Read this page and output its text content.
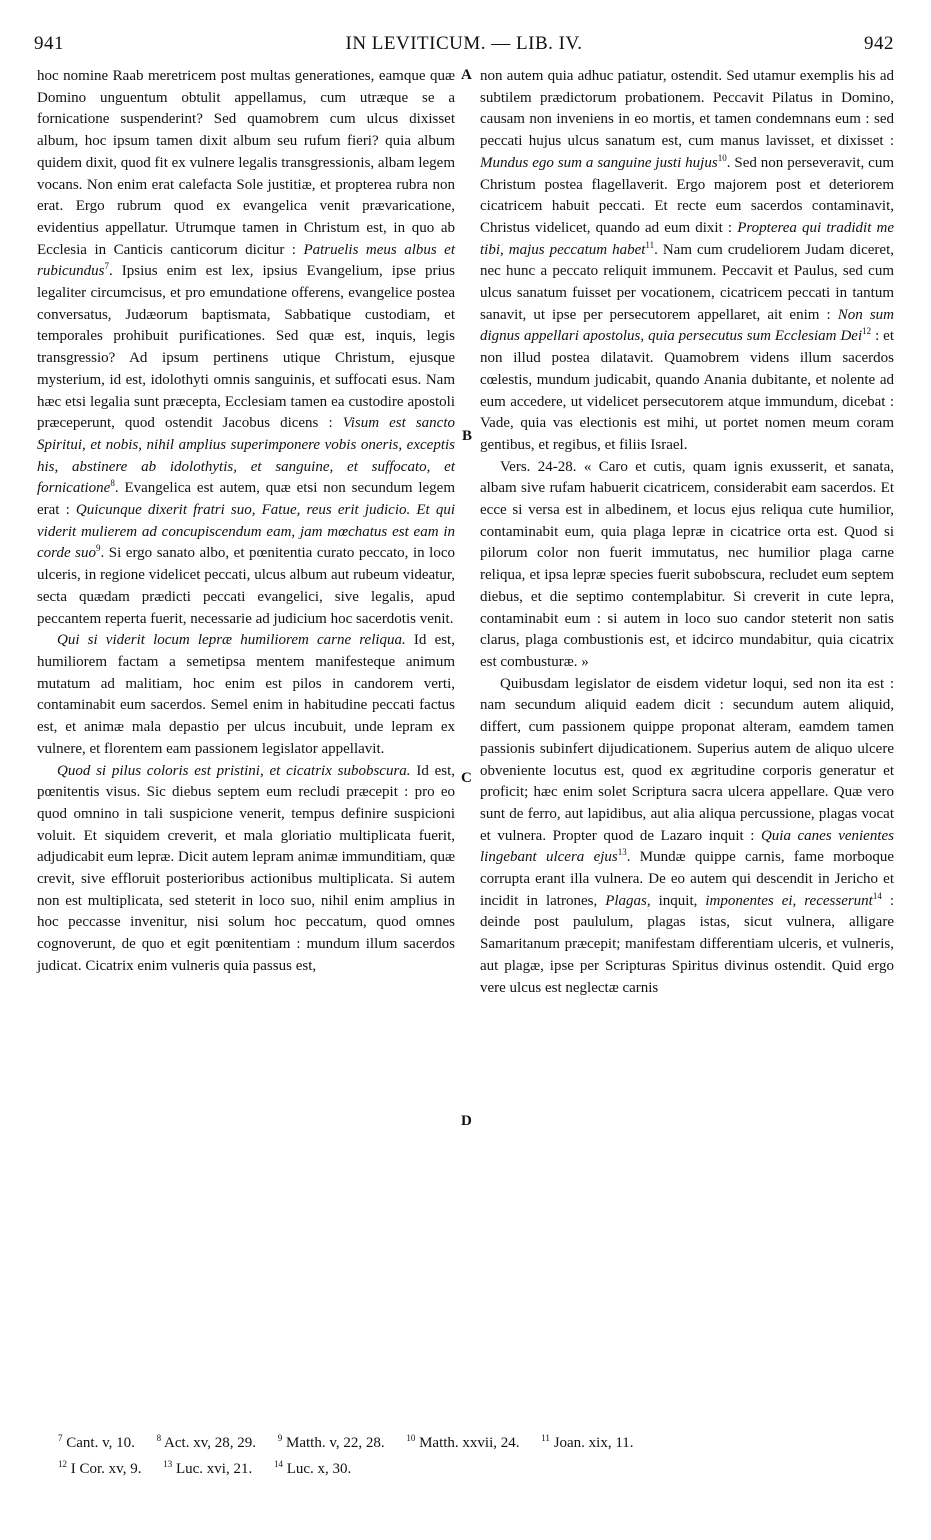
941	IN LEVITICUM. — LIB. IV.	942
A
B
C
D

hoc nomine Raab meretricem post multas generationes, eamque quæ Domino unguentum obtulit appellamus, cum utræque se a fornicatione suspenderint? Sed quamobrem cum ulcus dixisset album, hoc ipsum tamen dixit album seu rufum fieri? quia album quidem dixit, quod fit ex vulnere legalis transgressionis, albam legem vocans. Non enim erat calefacta Sole justitiæ, et propterea rubra non erat. Ergo rubrum quod ex evangelica venit prævaricatione, evidentius appellatur. Utrumque tamen in Christum est, in quo ab Ecclesia in Canticis canticorum dicitur : Patruelis meus albus et rubicundus$^7$. Ipsius enim est lex, ipsius Evangelium, ipse prius legaliter circumcisus, et pro emundatione offerens, evangelice postea conversatus, Judæorum baptismata, Sabbatique custodiam, et temporales prohibuit purificationes. Sed quæ est, inquis, legis transgressio? Ad ipsum pertinens utique Christum, ejusque mysterium, id est, idolothyti omnis sanguinis, et suffocati esus. Nam hæc etsi legalia sunt præcepta, Ecclesiam tamen ea custodire apostoli præceperunt, quod ostendit Jacobus dicens : Visum est sancto Spiritui, et nobis, nihil amplius superimponere vobis oneris, exceptis his, abstinere ab idolothytis, et sanguine, et suffocato, et fornicatione$^8$. Evangelica est autem, quæ etsi non secundum legem erat : Quicunque dixerit fratri suo, Fatue, reus erit judicio. Et qui viderit mulierem ad concupiscendum eam, jam mœchatus est eam in corde suo$^9$. Si ergo sanato albo, et pœnitentia curato peccato, in loco ulceris, in regione videlicet peccati, ulcus album aut rubeum videatur, secta quædam prædicti peccati evangelici, sive legalis, apud peccantem reperta fuerit, necessarie ad judicium hoc sacerdotis venit.

Qui si viderit locum lepræ humiliorem carne reliqua. Id est, humiliorem factam a semetipsa mentem manifesteque animum mutatum ad malitiam, hoc enim est pilos in candorem verti, contaminabit eum sacerdos. Semel enim in habitudine peccati factus est, et animæ mala depastio per ulcus incubuit, unde lepram ex vulnere, et florentem eam passionem legislator appellavit.

Quod si pilus coloris est pristini, et cicatrix subobscura. Id est, pœnitentis visus. Sic diebus septem eum recludi præcepit : pro eo quod omnino in tali suspicione venerit, tempus definire suspicioni voluit. Et siquidem creverit, et mala gloriatio multiplicata fuerit, adjudicabit eum lepræ. Dicit autem lepram animæ immunditiam, quæ crevit, sive effloruit posterioribus actionibus multiplicata. Si autem non est multiplicata, sed steterit in loco suo, nihil enim amplius in hoc peccasse invenitur, nisi solum hoc peccatum, quod omnes cognoverunt, de quo et egit pœnitentiam : mundum illum sacerdos judicat. Cicatrix enim vulneris quia passus est,

non autem quia adhuc patiatur, ostendit. Sed utamur exemplis his ad subtilem prædictorum probationem. Peccavit Pilatus in Domino, causam non inveniens in eo mortis, et tamen condemnans eum : sed peccati hujus ulcus sanatum est, cum manus lavisset, et dixisset : Mundus ego sum a sanguine justi hujus$^{10}$. Sed non perseveravit, cum Christum postea flagellaverit. Ergo majorem post et deteriorem cicatricem habuit peccati. Et recte eum sacerdos contaminavit, Christus videlicet, quando ad eum dixit : Propterea qui tradidit me tibi, majus peccatum habet$^{11}$. Nam cum crudeliorem Judam diceret, nec hunc a peccato reliquit immunem. Peccavit et Paulus, sed cum ulcus sanatum fuisset per vocationem, cicatricem peccati in tantum sanavit, ut ipse per persecutorem appellaret, ait enim : Non sum dignus appellari apostolus, quia persecutus sum Ecclesiam Dei$^{12}$ : et non illud postea dilatavit. Quamobrem videns illum sacerdos cœlestis, mundum judicabit, quando Anania dubitante, et nolente ad eum accedere, ut videlicet persecutorem atque immundum, dicebat : Vade, quia vas electionis est mihi, ut portet nomen meum coram gentibus, et regibus, et filiis Israel.

Vers. 24-28. « Caro et cutis, quam ignis exusserit, et sanata, albam sive rufam habuerit cicatricem, considerabit eam sacerdos. Et ecce si versa est in albedinem, et locus ejus reliqua cute humilior, contaminabit eum, quia plaga lepræ in cicatrice orta est. Quod si pilorum color non fuerit immutatus, nec humilior plaga carne reliqua, et ipsa lepræ species fuerit subobscura, recludet eum septem diebus, et die septimo contemplabitur. Si creverit in cute lepra, contaminabit eum : si autem in loco suo candor steterit non satis clarus, plaga combustionis est, et idcirco mundabitur, quia cicatrix est combusturæ. »

Quibusdam legislator de eisdem videtur loqui, sed non ita est : nam secundum aliquid eadem dicit : secundum autem aliquid, differt, cum passionem quippe proponat alteram, eamdem tamen passionis subinfert dijudicationem. Superius autem de aliquo ulcere obveniente locutus est, quod ex ægritudine corporis generatur et proficit; hæc enim solet Scriptura sacra ulcera appellare. Quæ vero sunt de ferro, aut lapidibus, aut alia aliqua percussione, plagas vocat et vulnera. Propter quod de Lazaro inquit : Quia canes venientes lingebant ulcera ejus$^{13}$. Mundæ quippe carnis, fame morboque corrupta erant illa vulnera. De eo autem qui descendit in Jericho et incidit in latrones, Plagas, inquit, imponentes ei, recesserunt$^{14}$ : deinde post paululum, plagas istas, sicut vulnera, alligare Samaritanum præcepit; manifestam differentiam ulceris, et vulneris, aut plagæ, ipse per Scripturas Spiritus divinus ostendit. Quid ergo vere ulcus est neglectæ carnis

$^7$ Cant. v, 10. $^8$ Act. xv, 28, 29. $^9$ Matth. v, 22, 28. $^{10}$ Matth. xxvii, 24. $^{11}$ Joan. xix, 11.
$^{12}$ I Cor. xv, 9. $^{13}$ Luc. xvi, 21. $^{14}$ Luc. x, 30.
